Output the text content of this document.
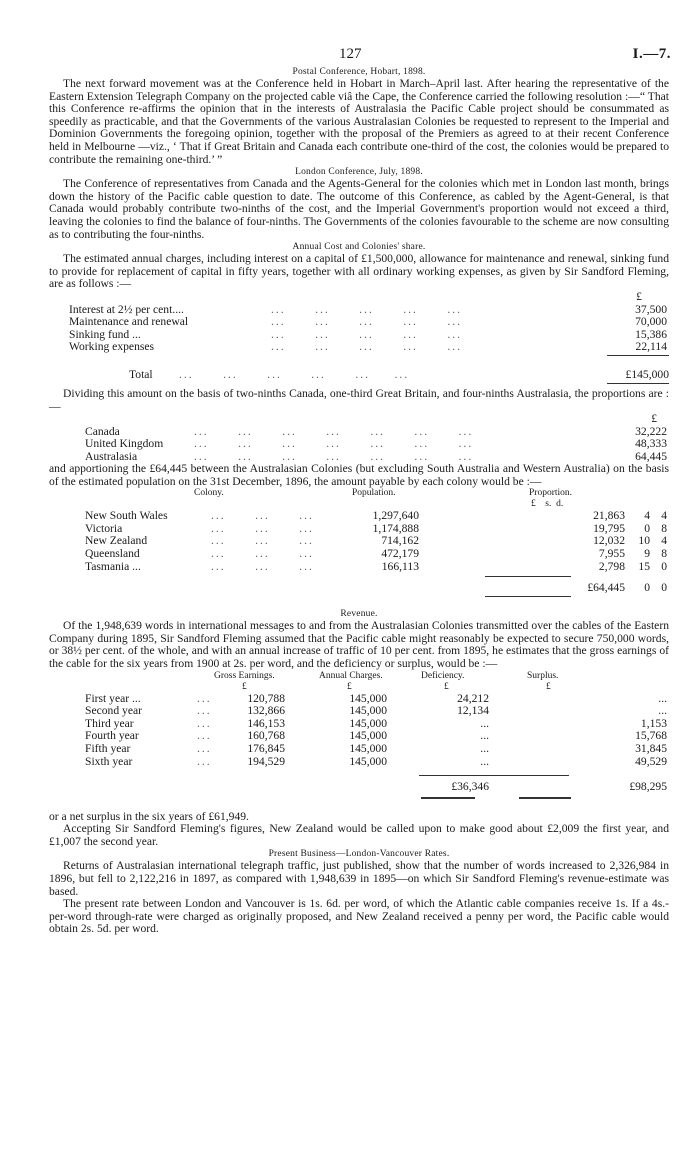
127	I.—7.
Postal Conference, Hobart, 1898.

The next forward movement was at the Conference held in Hobart in March–April last. After hearing the representative of the Eastern Extension Telegraph Company on the projected cable viâ the Cape, the Conference carried the following resolution :—“ That this Conference re-affirms the opinion that in the interests of Australasia the Pacific Cable project should be consummated as speedily as practicable, and that the Governments of the various Australasian Colonies be requested to represent to the Imperial and Dominion Governments the foregoing opinion, together with the proposal of the Premiers as agreed to at their recent Conference held in Melbourne —viz., ‘ That if Great Britain and Canada each contribute one-third of the cost, the colonies would be prepared to contribute the remaining one-third.’ ”

London Conference, July, 1898.

The Conference of representatives from Canada and the Agents-General for the colonies which met in London last month, brings down the history of the Pacific cable question to date. The outcome of this Conference, as cabled by the Agent-General, is that Canada would probably contribute two-ninths of the cost, and the Imperial Government's proportion would not exceed a third, leaving the colonies to find the balance of four-ninths. The Governments of the colonies favourable to the scheme are now consulting as to contributing the four-ninths.

Annual Cost and Colonies' share.

The estimated annual charges, including interest on a capital of £1,500,000, allowance for maintenance and renewal, sinking fund to provide for replacement of capital in fifty years, together with all ordinary working expenses, as given by Sir Sandford Fleming, are as follows :—

£
Interest at 2½ per cent....	...      ...      ...      ...      ...	37,500
Maintenance and renewal	...      ...      ...      ...      ...	70,000
Sinking fund ...	...      ...      ...      ...      ...	15,386
Working expenses	...      ...      ...      ...      ...	22,114
Total ...      ...      ...      ...      ...     ...	£145,000

Dividing this amount on the basis of two-ninths Canada, one-third Great Britain, and four-ninths Australasia, the proportions are :—

£
Canada	...      ...      ...      ...      ...      ...      ...	32,222
United Kingdom	...      ...      ...      ...      ...      ...      ...	48,333
Australasia	...      ...      ...      ...      ...      ...      ...	64,445

and apportioning the £64,445 between the Australasian Colonies (but excluding South Australia and Western Australia) on the basis of the estimated population on the 31st December, 1896, the amount payable by each colony would be :—

Colony.	Population.	Proportion.
£    s.  d.
New South Wales	...      ...      ...	1,297,640	21,863 4 4
Victoria	...      ...      ...	1,174,888	19,795 0 8
New Zealand	...      ...      ...	714,162	12,032 10 4
Queensland	...      ...      ...	472,179	7,955 9 8
Tasmania ...	...      ...      ...	166,113	2,798 15 0
£64,445 0 0
Revenue.

Of the 1,948,639 words in international messages to and from the Australasian Colonies transmitted over the cables of the Eastern Company during 1895, Sir Sandford Fleming assumed that the Pacific cable might reasonably be expected to secure 750,000 words, or 38½ per cent. of the whole, and with an annual increase of traffic of 10 per cent. from 1895, he estimates that the gross earnings of the cable for the six years from 1900 at 2s. per word, and the deficiency or surplus, would be :—

Gross Earnings.	Annual Charges.	Deficiency.	Surplus.
£	£	£	£
First year ...	...	120,788	145,000	24,212	...
Second year	...	132,866	145,000	12,134	...
Third year	...	146,153	145,000	...	1,153
Fourth year	...	160,768	145,000	...	15,768
Fifth year	...	176,845	145,000	...	31,845
Sixth year	...	194,529	145,000	...	49,529
£36,346	£98,295

or a net surplus in the six years of £61,949.

Accepting Sir Sandford Fleming's figures, New Zealand would be called upon to make good about £2,009 the first year, and £1,007 the second year.

Present Business—London-Vancouver Rates.

Returns of Australasian international telegraph traffic, just published, show that the number of words increased to 2,326,984 in 1896, but fell to 2,122,216 in 1897, as compared with 1,948,639 in 1895—on which Sir Sandford Fleming's revenue-estimate was based.

The present rate between London and Vancouver is 1s. 6d. per word, of which the Atlantic cable companies receive 1s. If a 4s.-per-word through-rate were charged as originally proposed, and New Zealand received a penny per word, the Pacific cable would obtain 2s. 5d. per word.
